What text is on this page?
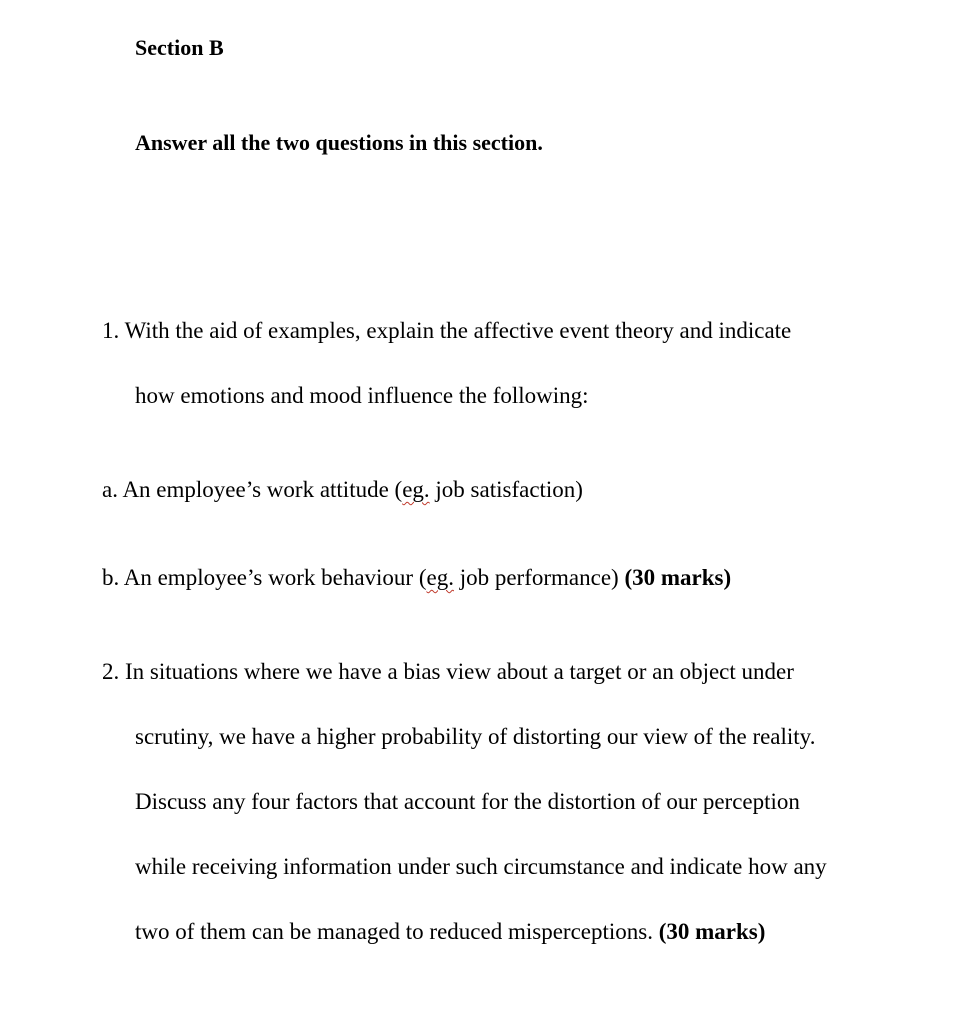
Section B
Answer all the two questions in this section.
1. With the aid of examples, explain the affective event theory and indicate
how emotions and mood influence the following:
a. An employee’s work attitude (eg. job satisfaction)
b. An employee’s work behaviour (eg. job performance) (30 marks)
2. In situations where we have a bias view about a target or an object under
scrutiny, we have a higher probability of distorting our view of the reality.
Discuss any four factors that account for the distortion of our perception
while receiving information under such circumstance and indicate how any
two of them can be managed to reduced misperceptions. (30 marks)
